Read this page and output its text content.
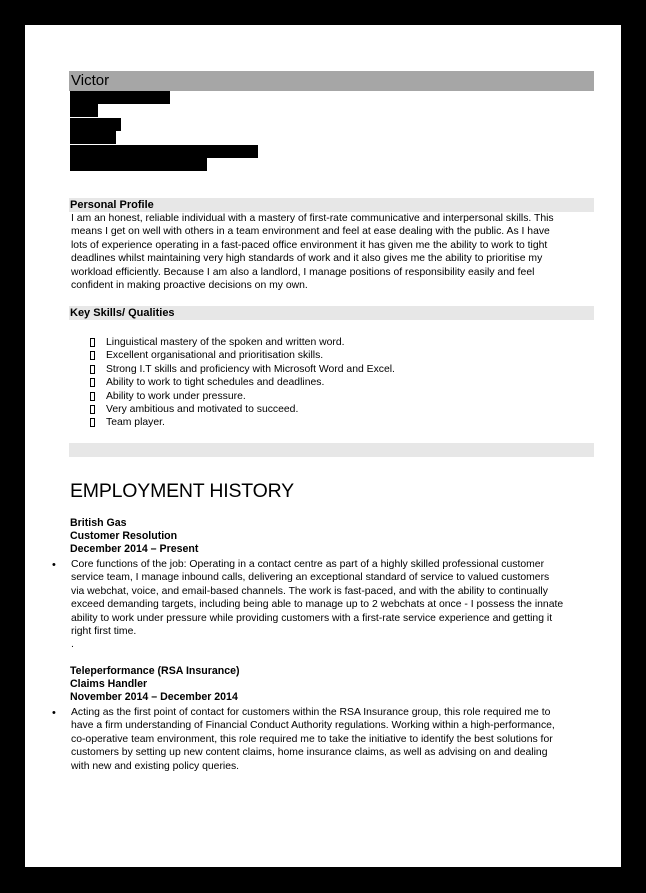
Victor
Personal Profile
I am an honest, reliable individual with a mastery of first-rate communicative and interpersonal skills. This
means I get on well with others in a team environment and feel at ease dealing with the public. As I have
lots of experience operating in a fast-paced office environment it has given me the ability to work to tight
deadlines whilst maintaining very high standards of work and it also gives me the ability to prioritise my
workload efficiently. Because I am also a landlord, I manage positions of responsibility easily and feel
confident in making proactive decisions on my own.
Key Skills/ Qualities
Linguistical mastery of the spoken and written word.
Excellent organisational and prioritisation skills.
Strong I.T skills and proficiency with Microsoft Word and Excel.
Ability to work to tight schedules and deadlines.
Ability to work under pressure.
Very ambitious and motivated to succeed.
Team player.
EMPLOYMENT HISTORY
British Gas
Customer Resolution
December 2014 – Present
• Core functions of the job: Operating in a contact centre as part of a highly skilled professional customer
service team, I manage inbound calls, delivering an exceptional standard of service to valued customers
via webchat, voice, and email-based channels. The work is fast-paced, and with the ability to continually
exceed demanding targets, including being able to manage up to 2 webchats at once - I possess the innate
ability to work under pressure while providing customers with a first-rate service experience and getting it
right first time.
.
Teleperformance (RSA Insurance)
Claims Handler
November 2014 – December 2014
• Acting as the first point of contact for customers within the RSA Insurance group, this role required me to
have a firm understanding of Financial Conduct Authority regulations. Working within a high-performance,
co-operative team environment, this role required me to take the initiative to identify the best solutions for
customers by setting up new content claims, home insurance claims, as well as advising on and dealing
with new and existing policy queries.
